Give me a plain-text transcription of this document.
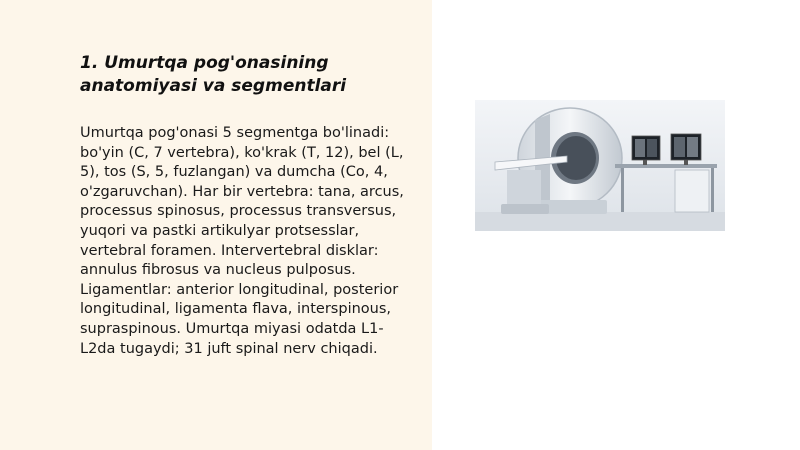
1. Umurtqa pog'onasining anatomiyasi va segmentlari

Umurtqa pog'onasi 5 segmentga bo'linadi: bo'yin (C, 7 vertebra), ko'krak (T, 12), bel (L, 5), tos (S, 5, fuzlangan) va dumcha (Co, 4, o'zgaruvchan). Har bir vertebra: tana, arcus, processus spinosus, processus transversus, yuqori va pastki artikulyar protsesslar, vertebral foramen. Intervertebral disklar: annulus fibrosus va nucleus pulposus. Ligamentlar: anterior longitudinal, posterior longitudinal, ligamenta flava, interspinous, supraspinous. Umurtqa miyasi odatda L1-L2da tugaydi; 31 juft spinal nerv chiqadi.
